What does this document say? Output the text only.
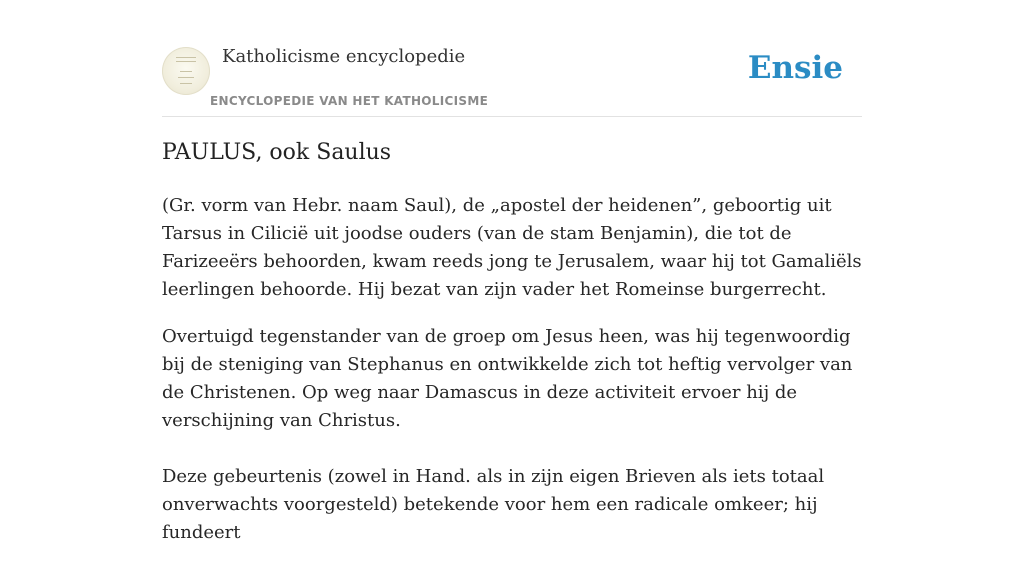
Katholicisme encyclopedie
ENCYCLOPEDIE VAN HET KATHOLICISME
Ensie
PAULUS, ook Saulus

(Gr. vorm van Hebr. naam Saul), de „apostel der heidenen”, geboortig uit Tarsus in Cilicië uit joodse ouders (van de stam Benjamin), die tot de Farizeeërs behoorden, kwam reeds jong te Jerusalem, waar hij tot Gamaliëls leerlingen behoorde. Hij bezat van zijn vader het Romeinse burgerrecht.

Overtuigd tegenstander van de groep om Jesus heen, was hij tegenwoordig bij de steniging van Stephanus en ontwikkelde zich tot heftig vervolger van de Christenen. Op weg naar Damascus in deze activiteit ervoer hij de verschijning van Christus.

Deze gebeurtenis (zowel in Hand. als in zijn eigen Brieven als iets totaal onverwachts voorgesteld) betekende voor hem een radicale omkeer; hij fundeert
